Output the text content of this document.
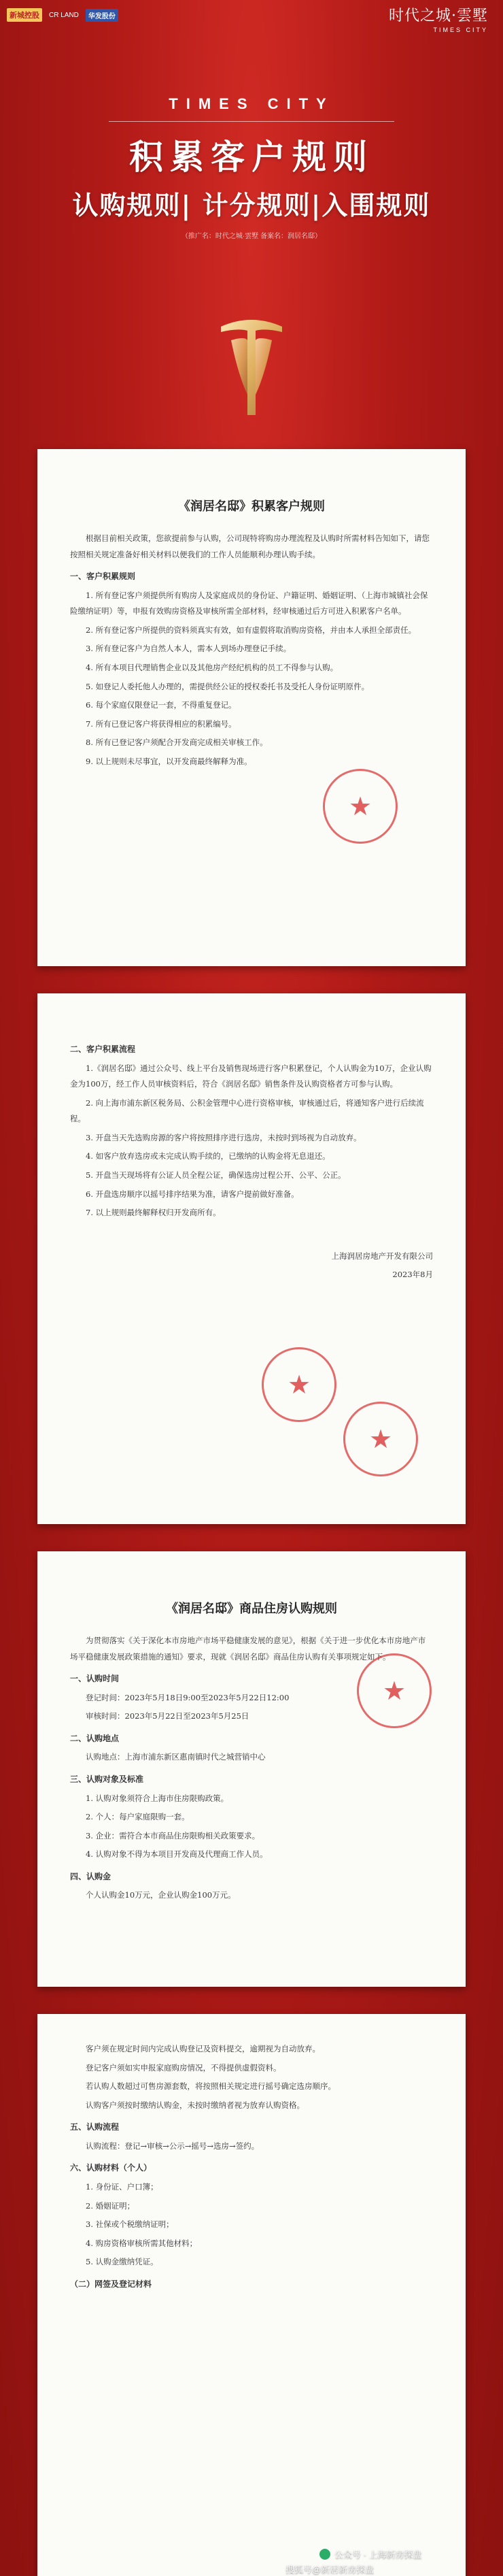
新城控股	CR LAND	华发股份	时代之城·雲墅
TIMES CITY
TIMES CITY
积累客户规则
认购规则| 计分规则|入围规则
（推广名：时代之城·雲墅 备案名：润居名邸）
《润居名邸》积累客户规则

根据目前相关政策，您欲提前参与认购，公司现特将购房办理流程及认购时所需材料告知如下，请您按照相关规定准备好相关材料以便我们的工作人员能顺利办理认购手续。

一、客户积累规则

1. 所有登记客户须提供所有购房人及家庭成员的身份证、户籍证明、婚姻证明、（上海市城镇社会保险缴纳证明）等，申报有效购房资格及审核所需全部材料，经审核通过后方可进入积累客户名单。

2. 所有登记客户所提供的资料须真实有效，如有虚假将取消购房资格，并由本人承担全部责任。

3. 所有登记客户为自然人本人，需本人到场办理登记手续。

4. 所有本项目代理销售企业以及其他房产经纪机构的员工不得参与认购。

5. 如登记人委托他人办理的，需提供经公证的授权委托书及受托人身份证明原件。

6. 每个家庭仅限登记一套，不得重复登记。

7. 所有已登记客户将获得相应的积累编号。

8. 所有已登记客户须配合开发商完成相关审核工作。

9. 以上规则未尽事宜，以开发商最终解释为准。

★

二、客户积累流程

1.《润居名邸》通过公众号、线上平台及销售现场进行客户积累登记，个人认购金为10万，企业认购金为100万，经工作人员审核资料后，符合《润居名邸》销售条件及认购资格者方可参与认购。

2. 向上海市浦东新区税务局、公积金管理中心进行资格审核，审核通过后，将通知客户进行后续流程。

3. 开盘当天先选购房源的客户将按照排序进行选房，未按时到场视为自动放弃。

4. 如客户放弃选房或未完成认购手续的，已缴纳的认购金将无息退还。

5. 开盘当天现场将有公证人员全程公证，确保选房过程公开、公平、公正。

6. 开盘选房顺序以摇号排序结果为准，请客户提前做好准备。

7. 以上规则最终解释权归开发商所有。

上海润居房地产开发有限公司

2023年8月

★
★
《润居名邸》商品住房认购规则

为贯彻落实《关于深化本市房地产市场平稳健康发展的意见》，根据《关于进一步优化本市房地产市场平稳健康发展政策措施的通知》要求，现就《润居名邸》商品住房认购有关事项规定如下。

一、认购时间

登记时间：2023年5月18日9:00至2023年5月22日12:00

审核时间：2023年5月22日至2023年5月25日

二、认购地点

认购地点：上海市浦东新区惠南镇时代之城营销中心

三、认购对象及标准

1. 认购对象须符合上海市住房限购政策。

2. 个人：每户家庭限购一套。

3. 企业：需符合本市商品住房限购相关政策要求。

4. 认购对象不得为本项目开发商及代理商工作人员。

四、认购金

个人认购金10万元，企业认购金100万元。

★

客户须在规定时间内完成认购登记及资料提交，逾期视为自动放弃。

登记客户须如实申报家庭购房情况，不得提供虚假资料。

若认购人数超过可售房源套数，将按照相关规定进行摇号确定选房顺序。

认购客户须按时缴纳认购金，未按时缴纳者视为放弃认购资格。

五、认购流程

认购流程：登记→审核→公示→摇号→选房→签约。

六、认购材料（个人）

1. 身份证、户口簿；

2. 婚姻证明；

3. 社保或个税缴纳证明；

4. 购房资格审核所需其他材料；

5. 认购金缴纳凭证。

（二）网签及登记材料

公众号 · 上海新房探盘
搜狐号@新居新房探盘
